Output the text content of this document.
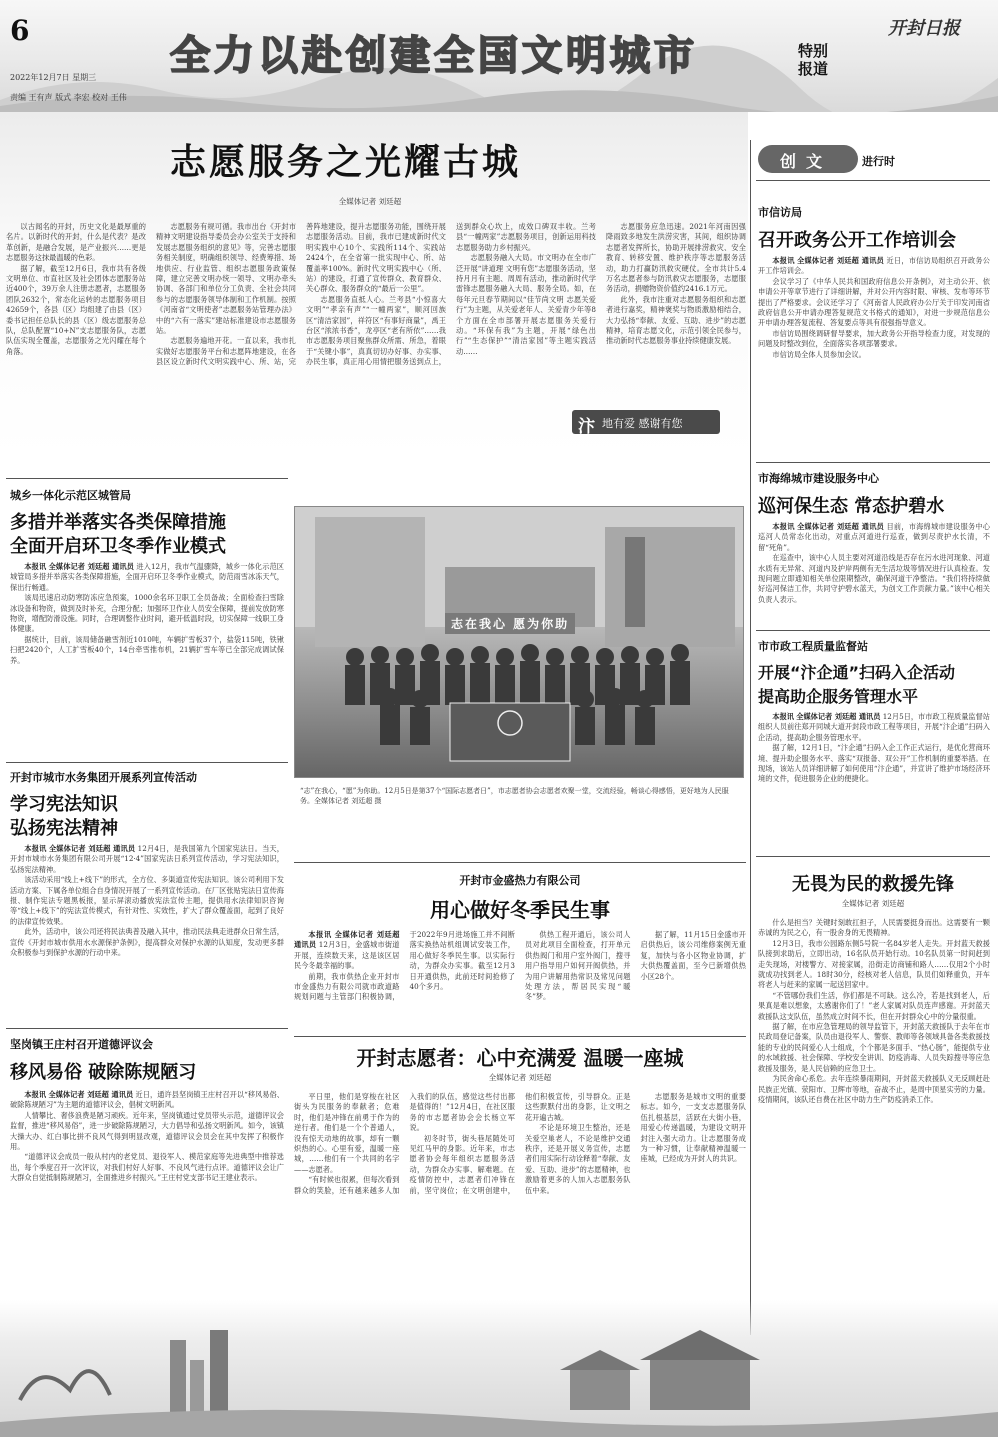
6
全力以赴创建全国文明城市	特别
报道
开封日报
2022年12月7日 星期三
责编 王有声 版式 李宏 校对 王伟
志愿服务之光耀古城
全媒体记者 刘廷超

以古闻名的开封，历史文化是最厚重的名片。以新时代的开封，什么是代表？是改革创新，是融合发展，是产业振兴……更是志愿服务这抹最温暖的色彩。

据了解，截至12月6日，我市共有各级文明单位、市直社区及社会团体志愿服务站近400个，39万余人注册志愿者，志愿服务团队2632个，常态化运转的志愿服务项目42659个，各县（区）均组建了由县（区）委书记担任总队长的县（区）级志愿服务总队，总队配置“10+N”支志愿服务队，志愿队伍实现全覆盖，志愿服务之光闪耀在每个角落。

志愿服务有规可循。我市出台《开封市精神文明建设指导委员会办公室关于支持和发展志愿服务组织的意见》等，完善志愿服务相关制度，明确组织领导、经费筹措、场地供应、行业监管、组织志愿服务政策保障，建立完善文明办统一领导、文明办牵头协调、各部门和单位分工负责、全社会共同参与的志愿服务领导体制和工作机制。按照《河南省“文明使者”志愿服务站管理办法》中的“六有一落实”建站标准建设市志愿服务站。

志愿服务遍地开花。一直以来，我市扎实做好志愿服务平台和志愿阵地建设，在各县区设立新时代文明实践中心、所、站，完善阵地建设，提升志愿服务功能，围绕开展志愿服务活动。目前，我市已建成新时代文明实践中心10个、实践所114个、实践站2424个，在全省第一批实现中心、所、站覆盖率100%。新时代文明实践中心（所、站）的建设，打通了宣传群众、教育群众、关心群众、服务群众的“最后一公里”。

志愿服务直抵人心。兰考县“小惊喜大文明”“孝亲有声”“一幢两家”，顺河回族区“清洁家园”，祥符区“有事好商量”，禹王台区“浓浓书香”，龙亭区“老有所依”……我市志愿服务项目聚焦群众所需、所急，着眼于“关键小事”，真真切切办好事、办实事、办民生事，真正用心用情把服务送到点上，送到群众心坎上，成效口碑双丰收。兰考县“一幢两家”志愿服务项目，创新运用科技志愿服务助力乡村振兴。

志愿服务融入大局。市文明办在全市广泛开展“讲道理 文明有您”志愿服务活动，坚持月月有主题、周周有活动，推动新时代学雷锋志愿服务融入大局、服务全局。如，在每年元旦春节期间以“佳节尚文明 志愿关爱行”为主题，从关爱老年人、关爱青少年等8个方面在全市部署开展志愿服务关爱行动。“环保有我”为主题，开展“绿色出行”“生态保护”“清洁家园”等主题实践活动……

志愿服务应急迅速。2021年河南因强降雨致多地发生洪涝灾害，其间，组织协调志愿者发挥所长，协助开展排涝救灾、安全教育、转移安置、维护秩序等志愿服务活动，助力打赢防汛救灾硬仗。全市共计5.4万名志愿者参与防汛救灾志愿服务，志愿服务活动，捐赠物资价值约2416.1万元。

此外，我市注重对志愿服务组织和志愿者进行嘉奖，精神褒奖与物质激励相结合，大力弘扬“奉献、友爱、互助、进步”的志愿精神，培育志愿文化，示范引领全民参与，推动新时代志愿服务事业持续健康发展。

汴 地有爱 感谢有您
创文	进行时
市信访局
召开政务公开工作培训会

本报讯 全媒体记者 刘廷超 通讯员 近日，市信访局组织召开政务公开工作培训会。

会议学习了《中华人民共和国政府信息公开条例》，对主动公开、依申请公开等章节进行了详细讲解，并对公开内容时限、审核、发布等环节提出了严格要求。会议还学习了《河南省人民政府办公厅关于印发河南省政府信息公开申请办理答复规范文书格式的通知》，对进一步规范信息公开申请办理答复流程、答复要点等具有很强指导意义。

市信访局围绕调研督导要求，加大政务公开指导检查力度，对发现的问题及时整改到位，全面落实各项部署要求。

市信访局全体人员参加会议。

城乡一体化示范区城管局
多措并举落实各类保障措施
全面开启环卫冬季作业模式

本报讯 全媒体记者 刘廷超 通讯员 进入12月，我市气温骤降，城乡一体化示范区城管局多措并举落实各类保障措施，全面开启环卫冬季作业模式，防范雨雪冰冻天气，保出行畅通。

该局迅速启动防寒防冻应急预案，1000余名环卫职工全员备战；全面检查扫雪除冰设备和物资，做到及时补充，合理分配；加强环卫作业人员安全保障，提前发放防寒物资，增配防滑设施。同时，合理调整作业时间，避开低温时段，切实保障一线职工身体健康。

据统计，目前，该局储备融雪剂近1010吨，车辆扩雪板37个，盐袋115吨，铁锹扫把2420个，人工扩雪板40个，14台牵雪推布机，21辆扩雪车等已全部完成调试保养。

志在我心 愿为你助
“志”在我心，“愿”为你助。12月5日是第37个“国际志愿者日”，市志愿者协会志愿者欢聚一堂，交流经验，畅谈心得感悟，更好地为人民服务。全媒体记者 刘廷超 摄
市海绵城市建设服务中心
巡河保生态 常态护碧水

本报讯 全媒体记者 刘廷超 通讯员 目前，市海绵城市建设服务中心巡河人员常态化出动，对重点河道进行巡查，做到尽责护水长清，不留“死角”。

在巡查中，该中心人员主要对河道沿线是否存在污水进河现象、河道水质有无异常、河道内及护岸两侧有无生活垃圾等情况进行认真检查。发现问题立即通知相关单位限期整改，确保河道干净整洁。“我们将持续做好巡河保洁工作，共同守护碧水蓝天，为创文工作贡献力量。”该中心相关负责人表示。

市市政工程质量监督站
开展“汴企通”扫码入企活动
提高助企服务管理水平

本报讯 全媒体记者 刘廷超 通讯员 12月5日，市市政工程质量监督站组织人员前往郑开同城大道开封段市政工程等项目，开展“汴企通”扫码入企活动，提高助企服务管理水平。

据了解，12月1日，“汴企通”扫码入企工作正式运行，是优化营商环境、提升助企服务水平、落实“双报备、双公开”工作机制的重要举措。在现场，该站人员详细讲解了如何使用“汴企通”，并宣讲了维护市场经济环境的文件，促进服务企业的便捷化。

开封市城市水务集团开展系列宣传活动
学习宪法知识
弘扬宪法精神

本报讯 全媒体记者 刘廷超 通讯员 12月4日，是我国第九个国家宪法日。当天，开封市城市水务集团有限公司开展“12·4”国家宪法日系列宣传活动，学习宪法知识，弘扬宪法精神。

该活动采用“线上+线下”的形式，全方位、多渠道宣传宪法知识。该公司利用下发活动方案、下属各单位组合自身情况开展了一系列宣传活动。在厂区张贴宪法日宣传海报、制作宪法专题黑板报，显示屏滚动播放宪法宣传主题，提供用水法律知识咨询等“线上+线下”的宪法宣传模式，有针对性、实效性，扩大了群众覆盖面，起到了良好的法律宣传效果。

此外，活动中，该公司还将民法典普及融入其中，推动民法典走进群众日常生活，宣传《开封市城市供用水水源保护条例》，提高群众对保护水源的认知度，发动更多群众积极参与到保护水源的行动中来。

开封市金盛热力有限公司
用心做好冬季民生事

本报讯 全媒体记者 刘廷超 通讯员 12月3日，金盛城市街道开展，连续数天来，这是该区居民今冬最幸福的事。

前期，我市供热企业开封市市金盛热力有限公司就市政道路规划问题与主管部门积极协调，于2022年9月进场施工并不间断落实换热站机组调试安装工作，用心做好冬季民生事。以实际行动，为群众办实事。截至12月3日开通供热，此前还时间抢修了40个多月。

供热工程开通后，该公司人员对此项目全面检查，打开单元供热阀门和用户室外阀门，搜寻用户指导用户如何开阀供热，并为用户讲解用热常识及常见问题处理方法，帮居民实现“暖冬”梦。

据了解，11月15日金盛市开启供热后，该公司维修案例无重复，加快与各小区物业协调，扩大供热覆盖面，至今已新增供热小区28个。

无畏为民的救援先锋
全媒体记者 刘廷超

什么是担当？关键时刻敢扛担子，人民需要挺身而出。这需要有一颗赤诚的为民之心，有一股舍身的无畏精神。

12月3日，我市公园路东侧5号院一名84岁老人走失。开封蓝天救援队接到求助后，立即出动，16名队员开始行动。10名队员第一时间赶到走失现场，对楼警方、对接家属，沿街走访商铺和路人……仅用2个小时就成功找到老人。18时30分，经核对老人信息，队员们如释重负，开车将老人与赶来的家属一起送回家中。

“不管哪份我们生活，你们都是不可缺。这么冷，若是找到老人，后果真是难以想象，太感谢你们了！”老人家属对队员连声感谢。开封蓝天救援队这支队伍，虽然成立时间不长，但在开封群众心中的分量很重。

据了解，在市应急管理局的领导监管下，开封蓝天救援队于去年在市民政局登记备案，队员由退役军人、警察、教师等各领域具备各类救援技能的专业的民间爱心人士组成，个个都是多面手、“热心肠”，能提供专业的水域救援、社会保障、学校安全讲训、防疫消毒、人员失踪搜寻等应急救援及服务，是人民信赖的应急卫士。

为民舍命心系危。去年连续暴雨期间，开封蓝天救援队义无反顾赶赴民族正光镇、荥阳市、卫辉市等地，奋战不止，是周中顶星实劳的力量。疫情期间，该队还自费在社区中助力生产防疫消杀工作。

坚岗镇王庄村召开道德评议会
移风易俗 破除陈规陋习

本报讯 全媒体记者 刘廷超 通讯员 近日，通许县坚岗镇王庄村召开以“移风易俗、破除陈规陋习”为主题的道德评议会，倡树文明新风。

人情攀比、奢侈浪费是陋习顽疾。近年来，坚岗镇通过党员带头示范，道德评议会监督，推进“移风易俗”，进一步破除陈规陋习，大力倡导和弘扬文明新风。如今，该镇大操大办、红白事比拼不良风气得到明显改观，道德评议会员会在其中发挥了积极作用。

“道德评议会成员一般从村内的老党员、退役军人、模范家庭等先进典型中推荐选出，每个季度召开一次评议，对我们村好人好事、不良风气进行点评。道德评议会让广大群众自觉抵制陈规陋习，全面推进乡村振兴。”王庄村党支部书记王建业表示。

开封志愿者：心中充满爱 温暖一座城
全媒体记者 刘廷超

平日里，他们是穿梭在社区街头为民服务的奉献者；危难时，他们是冲锋在前勇于作为的逆行者。他们是一个个普通人，没有惊天动地的故事，却有一颗炽热的心。心里有爱，温暖一座城，……他们有一个共同的名字——志愿者。

“有时候也很累，但每次看到群众的笑脸，还有越来越多人加入我们的队伍，感觉这些付出都是值得的！”12月4日，在社区服务的市志愿者协会会长杨立军说。

初冬时节，街头巷尾随处可见红马甲的身影。近年来，市志愿者协会每年组织志愿服务活动，为群众办实事、解难题。在疫情防控中，志愿者们冲锋在前，坚守岗位；在文明创建中，他们积极宣传，引导群众。正是这些默默付出的身影，让文明之花开遍古城。

不论是环境卫生整治，还是关爱空巢老人，不论是维护交通秩序，还是开展义务宣传，志愿者们用实际行动诠释着“奉献、友爱、互助、进步”的志愿精神，也激励着更多的人加入志愿服务队伍中来。

志愿服务是城市文明的重要标志。如今，一支支志愿服务队伍扎根基层，活跃在大街小巷，用爱心传递温暖，为建设文明开封注入强大动力。让志愿服务成为一种习惯，让奉献精神温暖一座城，已经成为开封人的共识。
